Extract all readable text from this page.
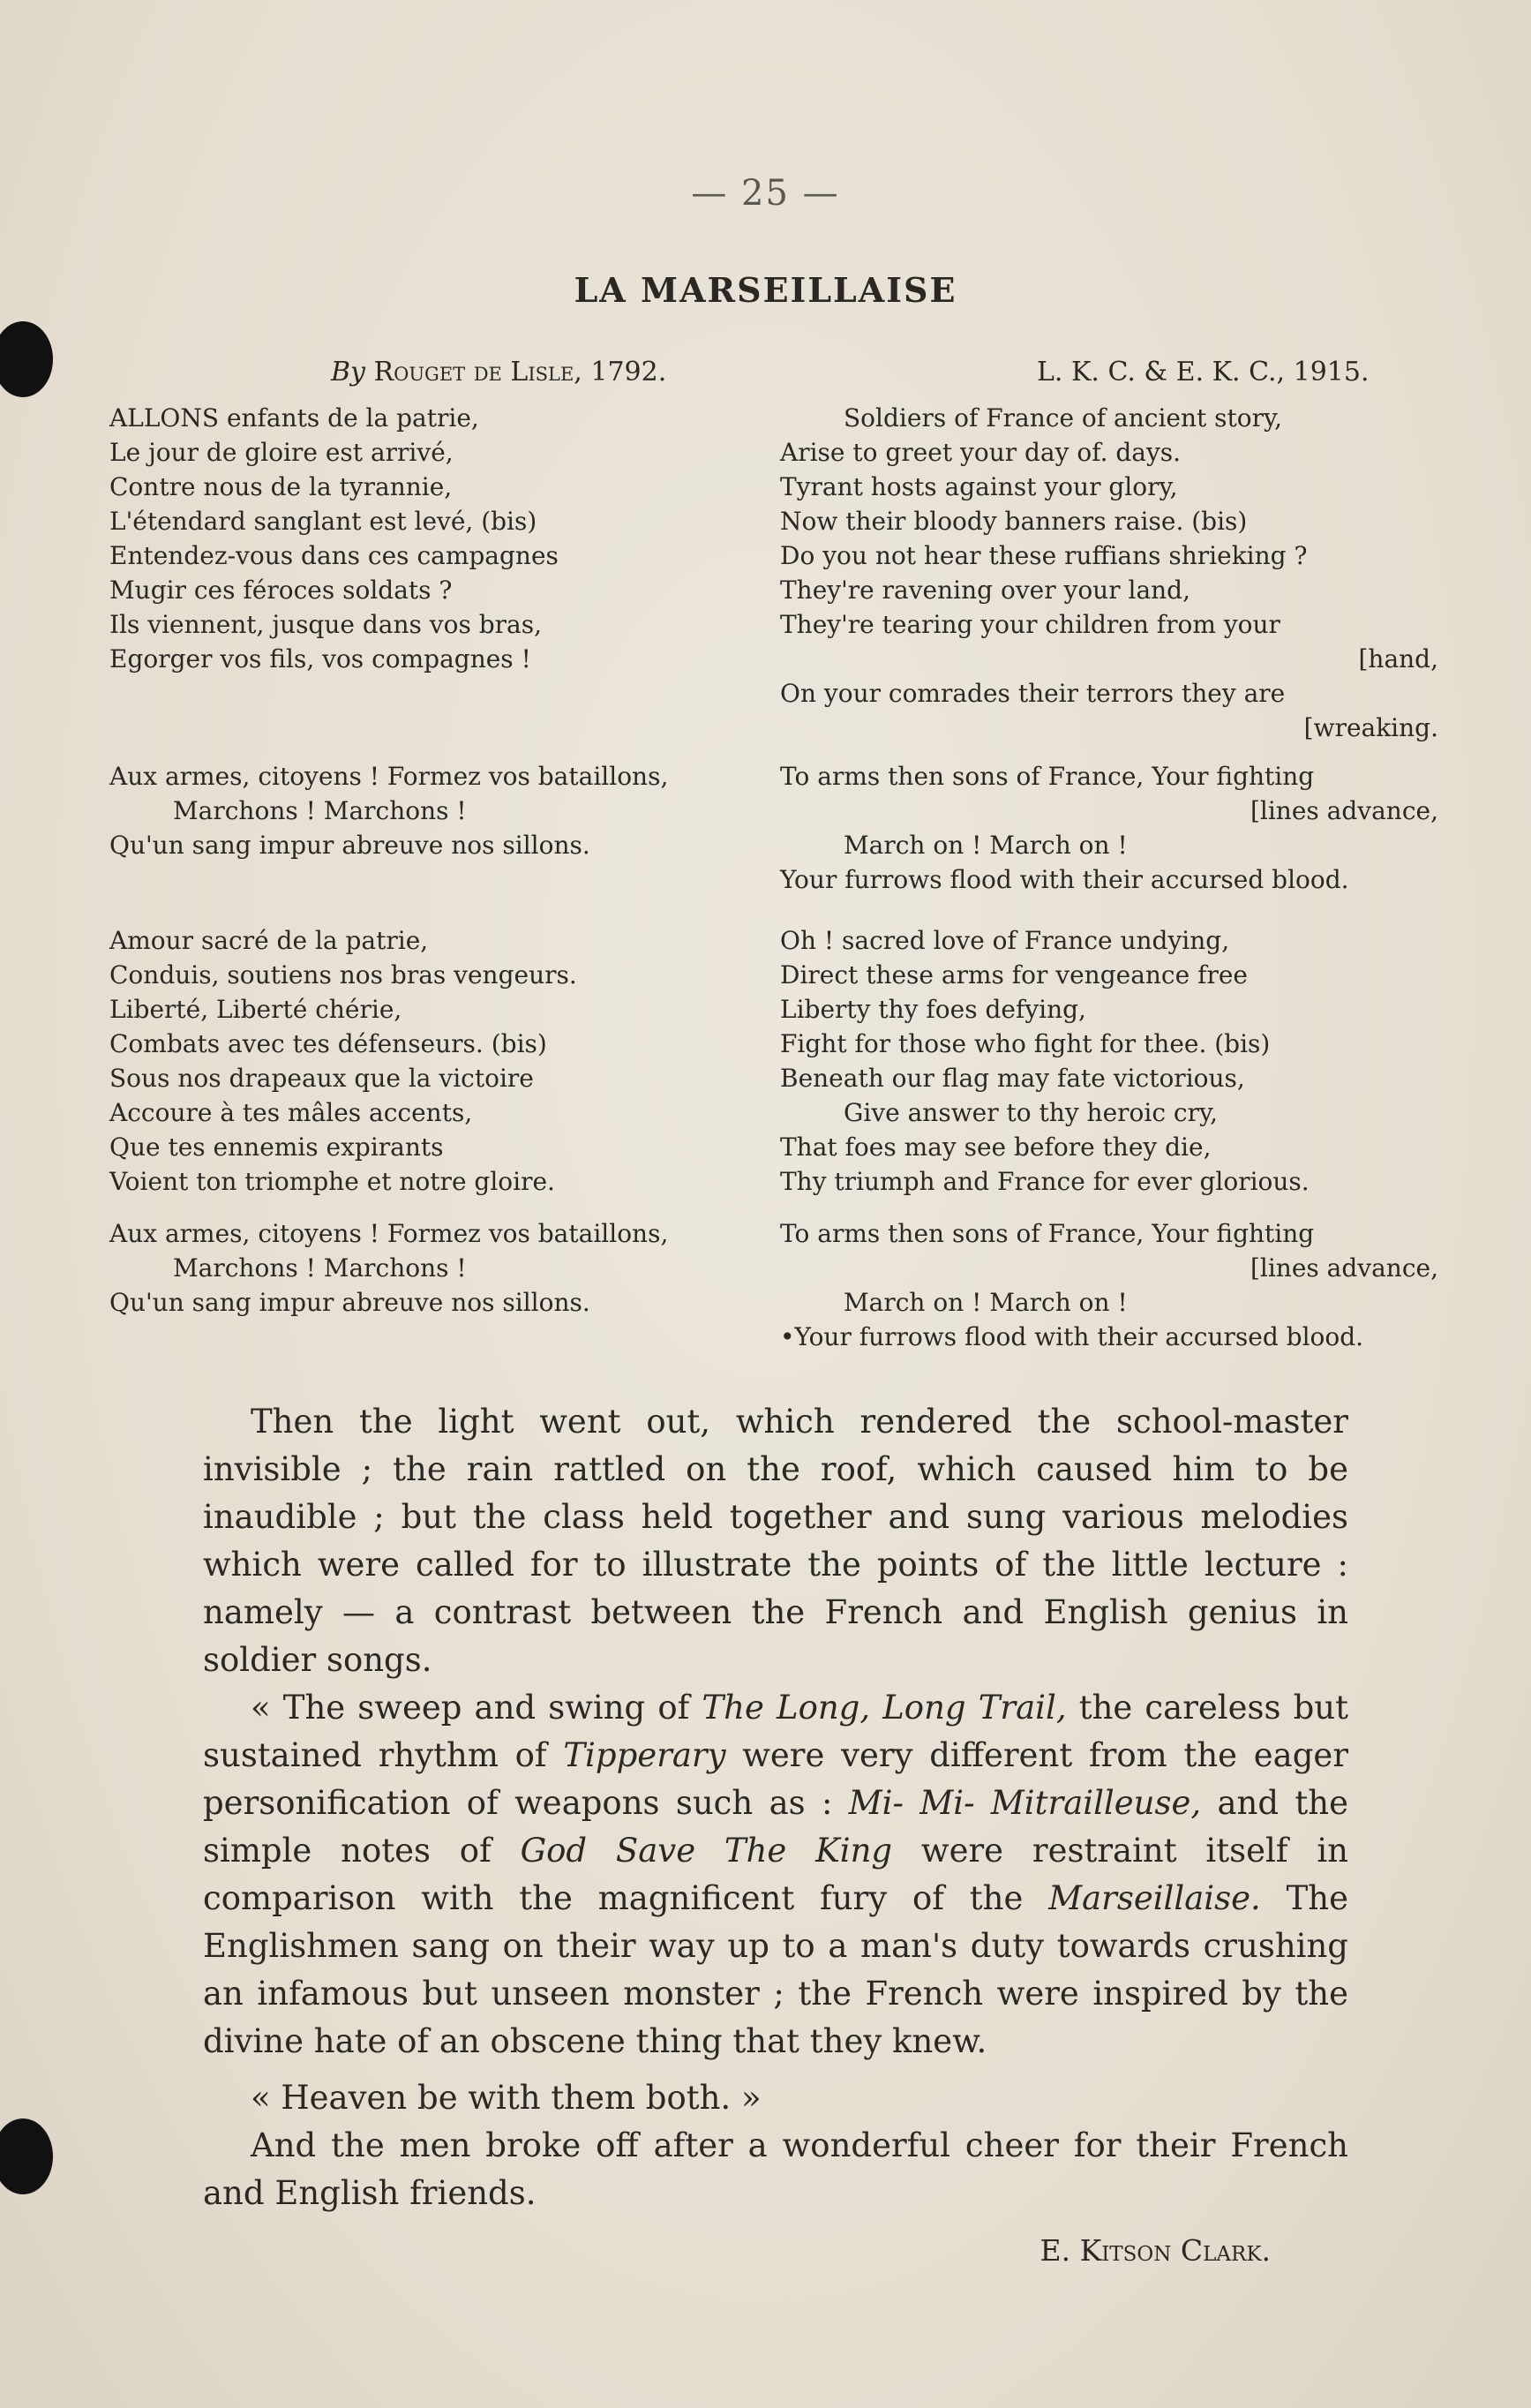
— 25 —
LA MARSEILLAISE
By Rouget de Lisle, 1792.	L. K. C. & E. K. C., 1915.
ALLONS enfants de la patrie,
Le jour de gloire est arrivé,
Contre nous de la tyrannie,
L'étendard sanglant est levé, (bis)
Entendez-vous dans ces campagnes
Mugir ces féroces soldats ?
Ils viennent, jusque dans vos bras,
Egorger vos fils, vos compagnes !
Aux armes, citoyens ! Formez vos bataillons,
Marchons ! Marchons !
Qu'un sang impur abreuve nos sillons.
Amour sacré de la patrie,
Conduis, soutiens nos bras vengeurs.
Liberté, Liberté chérie,
Combats avec tes défenseurs. (bis)
Sous nos drapeaux que la victoire
Accoure à tes mâles accents,
Que tes ennemis expirants
Voient ton triomphe et notre gloire.
Aux armes, citoyens ! Formez vos bataillons,
Marchons ! Marchons !
Qu'un sang impur abreuve nos sillons.
Soldiers of France of ancient story,
Arise to greet your day of. days.
Tyrant hosts against your glory,
Now their bloody banners raise. (bis)
Do you not hear these ruffians shrieking ?
They're ravening over your land,
They're tearing your children from your
[hand,
On your comrades their terrors they are
[wreaking.
To arms then sons of France, Your fighting
[lines advance,
March on ! March on !
Your furrows flood with their accursed blood.
Oh ! sacred love of France undying,
Direct these arms for vengeance free
Liberty thy foes defying,
Fight for those who fight for thee. (bis)
Beneath our flag may fate victorious,
Give answer to thy heroic cry,
That foes may see before they die,
Thy triumph and France for ever glorious.
To arms then sons of France, Your fighting
[lines advance,
March on ! March on !
•Your furrows flood with their accursed blood.

Then the light went out, which rendered the school-master invisible ; the rain rattled on the roof, which caused him to be inaudible ; but the class held together and sung various melodies which were called for to illustrate the points of the little lecture : namely — a contrast between the French and English genius in soldier songs.

« The sweep and swing of The Long, Long Trail, the careless but sustained rhythm of Tipperary were very different from the eager personification of weapons such as : Mi- Mi- Mitrailleuse, and the simple notes of God Save The King were restraint itself in comparison with the magnificent fury of the Marseillaise. The Englishmen sang on their way up to a man's duty towards crushing an infamous but unseen monster ; the French were inspired by the divine hate of an obscene thing that they knew.

« Heaven be with them both. »

And the men broke off after a wonderful cheer for their French and English friends.

E. Kitson Clark.
